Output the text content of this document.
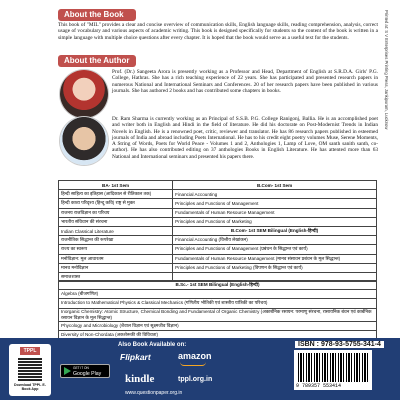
About the Book
This book of "MIL" provides a clear and concise overview of communication skills, English language skills, reading comprehension, analysis, correct usage of vocabulary and various aspects of academic writing. This book is designed specifically for students so the content of the book is written in a simple language with multiple choice questions after every chapter. It is hoped that the book would serve as a useful text for the students.
About the Author
Prof. (Dr.) Sangeeta Arora is presently working as a Professor and Head, Department of English at S.R.D.A. Girls' P.G. College, Hathras. She has a rich teaching experience of 22 years. She has participated and presented research papers in numerous National and International Seminars and Conferences. 20 of her research papers have been published in various journals. She has authored 2 books and has contributed some chapters in books.
Dr. Ram Sharma is currently working as an Principal of S.S.B. P.G. College Ranigonj, Ballia. He is an accomplished poet and writer both in English and Hindi in the field of literature. He did his doctorate on Post-Modernist Trends in Indian Novels in English. He is a renowned poet, critic, reviewer and translator. He has 86 research papers published in esteemed journals of India and abroad including Poets International. He has to his credit eight poetry volumes Muse, Serene Moments, A String of Words, Poets for World Peace - Volumes 1 and 2, Anthologies 1, Lamp of Love, OM santh sanith santh, co-author). He has also contributed editing on 37 anthologies Books in English Literature. He has attented more than 63 National and International seminars and presented his papers there.
Printed at: S V Enterprises Printing Press, Jankipuram, Lucknow
BA- 1st Sem	B.Com- 1st Sem
हिन्दी साहित्य का इतिहास (आदिकाल से रीतिकाल तक)	Financial Accounting
हिन्दी काव्य परिदृश्य (हिन्दू कवि) राष्ट्र से मुक्त	Principles and Functions of Management
राजनय राजविज्ञान का परिचय	Fundamentals of Human Resource Management
भारतीय संविधान की संरचना	Principles and Functions of Marketing
Indian Classical Literature	B.Com- 1st SEM Bilingual (English-हिन्दी)
राजनीतिक सिद्धान्त की रूपरेखा	Financial Accounting (वित्तीय लेखांकन)
राज्य का स्वरूप	Principles and Functions of Management (प्रबंधन के सिद्धान्त एवं कार्य)
मनोविज्ञान: मूल आधारतम	Fundamentals of Human Resource Management (मानव संसाधन प्रबंधन के मूल सिद्धान्त)
मानव मनोविज्ञान	Principles and Functions of Marketing (विपणन के सिद्धान्त एवं कार्य)
समाजशास्त्र	
B.Sc.- 1st SEM Bilingual (English-हिन्दी)
Algebra (बीजगणित)
Introduction to Mathematical Physics & Classical Mechanics (गणितीय भौतिकी एवं शास्त्रीय यांत्रिकी का परिचय)
Inorganic Chemistry: Atomic Structure, Chemical Bonding and Fundamental of Organic Chemistry (अकार्बनिक रसायन: परमाणु संरचना, रासायनिक बंधन एवं कार्बनिक रसायन विज्ञान के मूल सिद्धान्त)
Phycology and Microbiology (शैवाल विज्ञान एवं सूक्ष्मजीव विज्ञान)
Diversity of Non-Chordata (अकशेरूकी की विविधता)
TPPL
Download TPPL E-Book App
GET IT ON
Google Play
Also Book Available on:
Flipkart	amazon
kindle	tppl.org.in
www.questionpaper.org.in
ISBN : 978-93-5755-341-4
9 789357 553414
